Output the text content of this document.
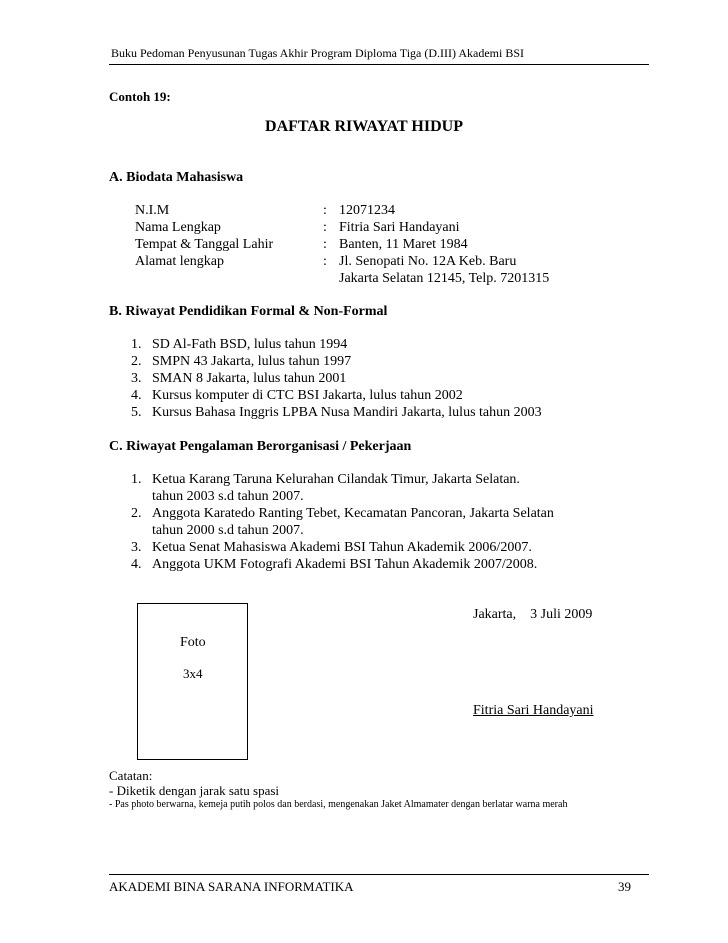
Buku Pedoman Penyusunan Tugas Akhir Program Diploma Tiga (D.III) Akademi BSI
Contoh 19:
DAFTAR RIWAYAT HIDUP
A. Biodata Mahasiswa
N.I.M	: 12071234
Nama Lengkap	: Fitria Sari Handayani
Tempat & Tanggal Lahir	: Banten, 11 Maret 1984
Alamat lengkap	: Jl. Senopati No. 12A Keb. Baru
Jakarta Selatan 12145, Telp. 7201315
B. Riwayat Pendidikan Formal & Non-Formal
1. SD Al-Fath BSD, lulus tahun 1994
2. SMPN 43 Jakarta, lulus tahun 1997
3. SMAN 8 Jakarta, lulus tahun 2001
4. Kursus komputer di CTC BSI Jakarta, lulus tahun 2002
5. Kursus Bahasa Inggris LPBA Nusa Mandiri Jakarta, lulus tahun 2003
C. Riwayat Pengalaman Berorganisasi / Pekerjaan
1. Ketua Karang Taruna Kelurahan Cilandak Timur, Jakarta Selatan.
tahun 2003 s.d tahun 2007.
2. Anggota Karatedo Ranting Tebet, Kecamatan Pancoran, Jakarta Selatan
tahun 2000 s.d tahun 2007.
3. Ketua Senat Mahasiswa Akademi BSI Tahun Akademik 2006/2007.
4. Anggota UKM Fotografi Akademi BSI Tahun Akademik 2007/2008.
Foto
3x4
Jakarta,    3 Juli 2009
Fitria Sari Handayani
Catatan:
- Diketik dengan jarak satu spasi
- Pas photo berwarna, kemeja putih polos dan berdasi, mengenakan Jaket Almamater dengan berlatar warna merah
AKADEMI BINA SARANA INFORMATIKA	39
